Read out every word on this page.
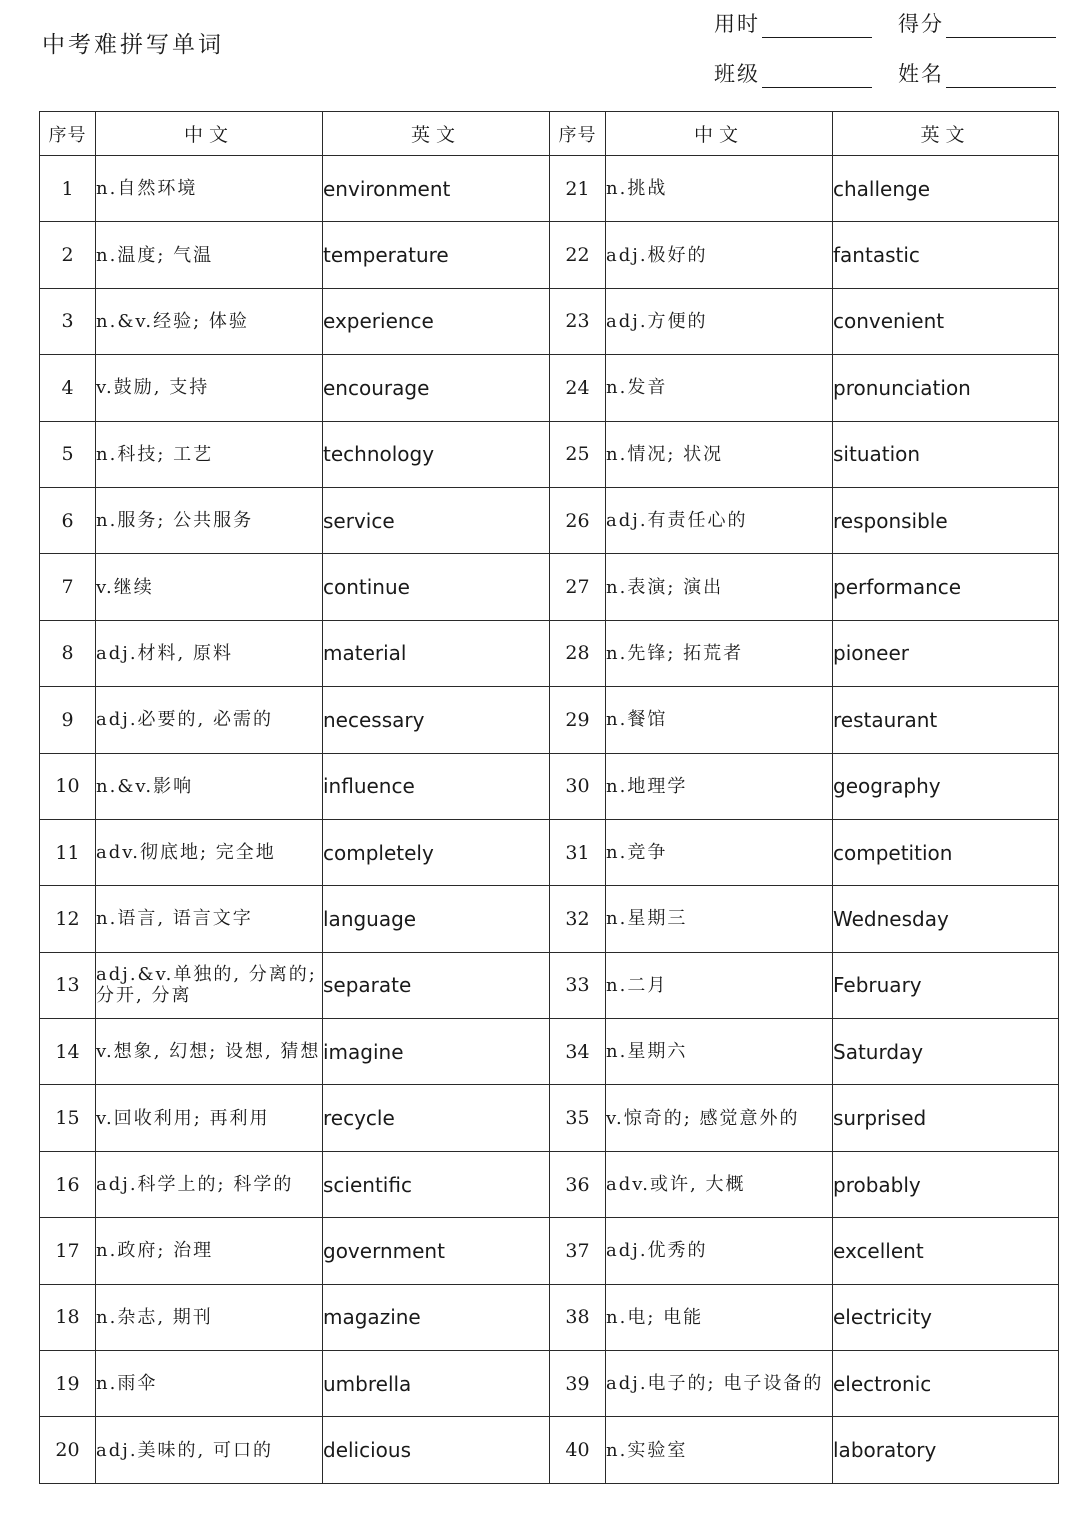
中考难拼写单词
用时	得分
班级	姓名
序号	中文	英文	序号	中文	英文
1	n.自然环境	environment	21	n.挑战	challenge
2	n.温度; 气温	temperature	22	adj.极好的	fantastic
3	n.&v.经验; 体验	experience	23	adj.方便的	convenient
4	v.鼓励, 支持	encourage	24	n.发音	pronunciation
5	n.科技; 工艺	technology	25	n.情况; 状况	situation
6	n.服务; 公共服务	service	26	adj.有责任心的	responsible
7	v.继续	continue	27	n.表演; 演出	performance
8	adj.材料, 原料	material	28	n.先锋; 拓荒者	pioneer
9	adj.必要的, 必需的	necessary	29	n.餐馆	restaurant
10	n.&v.影响	influence	30	n.地理学	geography
11	adv.彻底地; 完全地	completely	31	n.竞争	competition
12	n.语言, 语言文字	language	32	n.星期三	Wednesday
13	adj.&v.单独的, 分离的; 分开, 分离	separate	33	n.二月	February
14	v.想象, 幻想; 设想, 猜想	imagine	34	n.星期六	Saturday
15	v.回收利用; 再利用	recycle	35	v.惊奇的; 感觉意外的	surprised
16	adj.科学上的; 科学的	scientific	36	adv.或许, 大概	probably
17	n.政府; 治理	government	37	adj.优秀的	excellent
18	n.杂志, 期刊	magazine	38	n.电; 电能	electricity
19	n.雨伞	umbrella	39	adj.电子的; 电子设备的	electronic
20	adj.美味的, 可口的	delicious	40	n.实验室	laboratory
